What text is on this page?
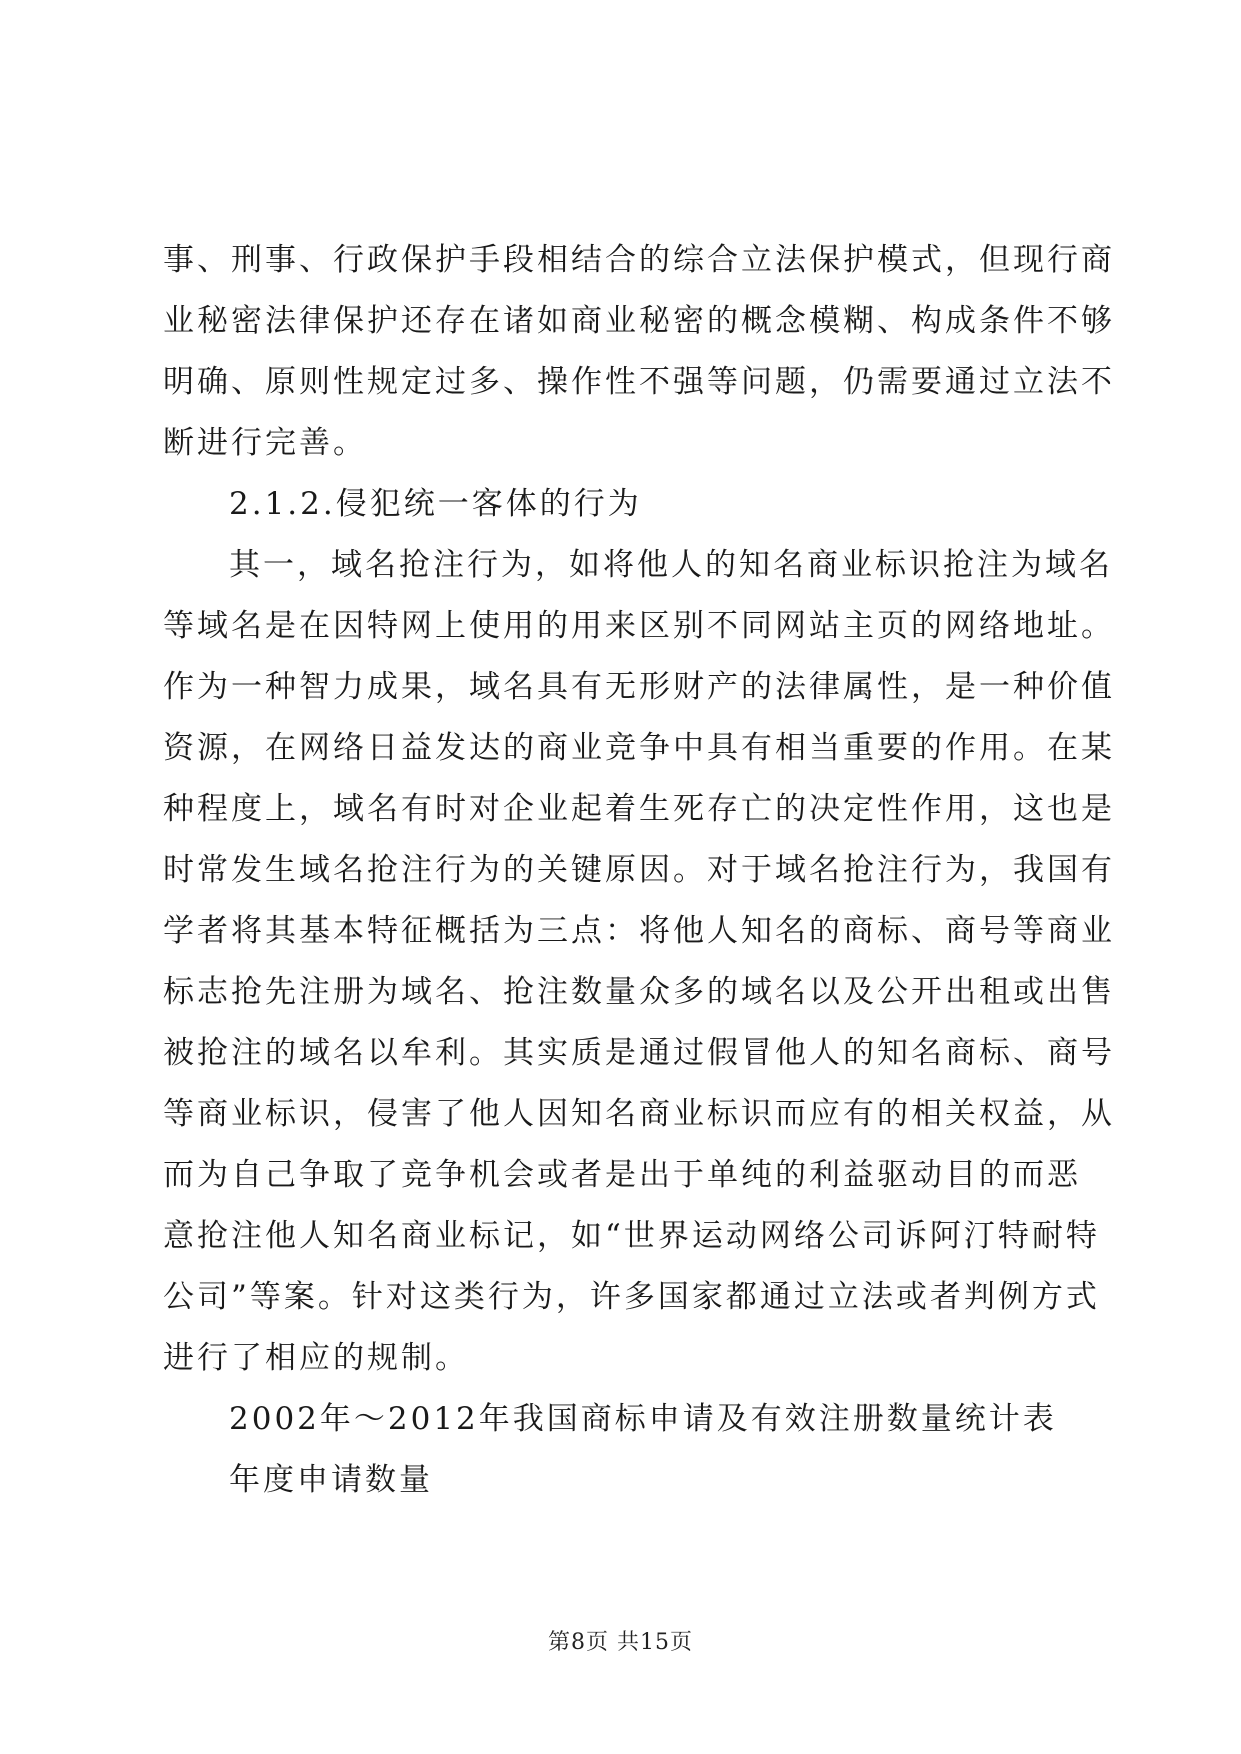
事、刑事、行政保护手段相结合的综合立法保护模式，但现行商
业秘密法律保护还存在诸如商业秘密的概念模糊、构成条件不够
明确、原则性规定过多、操作性不强等问题，仍需要通过立法不
断进行完善。
2.1.2.侵犯统一客体的行为
其一，域名抢注行为，如将他人的知名商业标识抢注为域名
等域名是在因特网上使用的用来区别不同网站主页的网络地址。
作为一种智力成果，域名具有无形财产的法律属性，是一种价值
资源，在网络日益发达的商业竞争中具有相当重要的作用。在某
种程度上，域名有时对企业起着生死存亡的决定性作用，这也是
时常发生域名抢注行为的关键原因。对于域名抢注行为，我国有
学者将其基本特征概括为三点：将他人知名的商标、商号等商业
标志抢先注册为域名、抢注数量众多的域名以及公开出租或出售
被抢注的域名以牟利。其实质是通过假冒他人的知名商标、商号
等商业标识，侵害了他人因知名商业标识而应有的相关权益，从
而为自己争取了竞争机会或者是出于单纯的利益驱动目的而恶
意抢注他人知名商业标记，如“世界运动网络公司诉阿汀特耐特
公司”等案。针对这类行为，许多国家都通过立法或者判例方式
进行了相应的规制。
2002年～2012年我国商标申请及有效注册数量统计表
年度申请数量
第8页 共15页
